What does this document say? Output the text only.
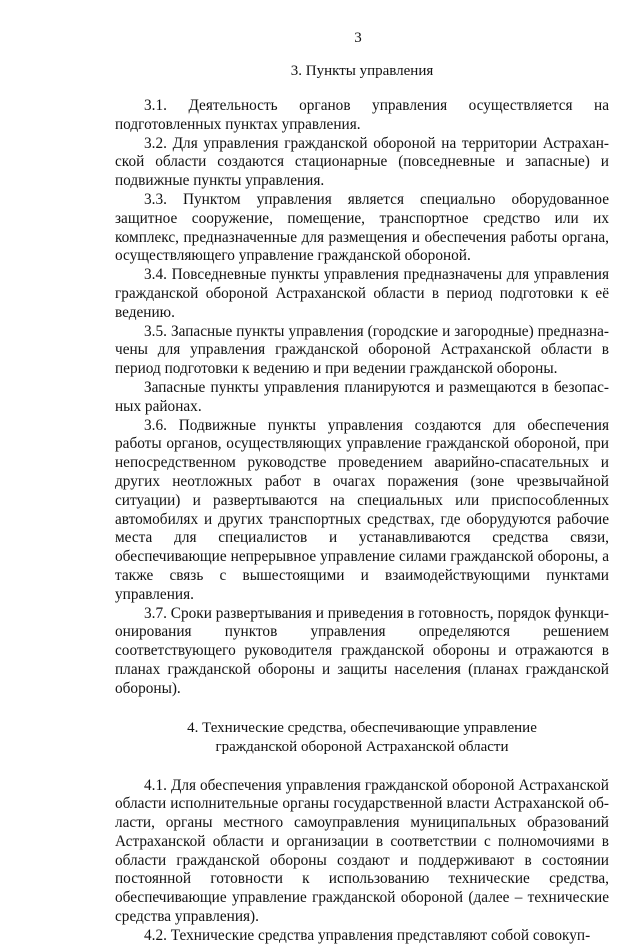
3
3. Пункты управления

3.1. Деятельность органов управления осуществляется на подготовленных пунктах управления.

3.2. Для управления гражданской обороной на территории Астраханской области создаются стационарные (повседневные и запасные) и подвижные пункты управления.

3.3. Пунктом управления является специально оборудованное защитное сооружение, помещение, транспортное средство или их комплекс, предназначенные для размещения и обеспечения работы органа, осуществляющего управление гражданской обороной.

3.4. Повседневные пункты управления предназначены для управления гражданской обороной Астраханской области в период подготовки к её ведению.

3.5. Запасные пункты управления (городские и загородные) предназначены для управления гражданской обороной Астраханской области в период подготовки к ведению и при ведении гражданской обороны.

Запасные пункты управления планируются и размещаются в безопасных районах.

3.6. Подвижные пункты управления создаются для обеспечения работы органов, осуществляющих управление гражданской обороной, при непосредственном руководстве проведением аварийно-спасательных и других неотложных работ в очагах поражения (зоне чрезвычайной ситуации) и развертываются на специальных или приспособленных автомобилях и других транспортных средствах, где оборудуются рабочие места для специалистов и устанавливаются средства связи, обеспечивающие непрерывное управление силами гражданской обороны, а также связь с вышестоящими и взаимодействующими пунктами управления.

3.7. Сроки развертывания и приведения в готовность, порядок функционирования пунктов управления определяются решением соответствующего руководителя гражданской обороны и отражаются в планах гражданской обороны и защиты населения (планах гражданской обороны).

4. Технические средства, обеспечивающие управление
гражданской обороной Астраханской области

4.1. Для обеспечения управления гражданской обороной Астраханской области исполнительные органы государственной власти Астраханской области, органы местного самоуправления муниципальных образований Астраханской области и организации в соответствии с полномочиями в области гражданской обороны создают и поддерживают в состоянии постоянной готовности к использованию технические средства, обеспечивающие управление гражданской обороной (далее – технические средства управления).

4.2. Технические средства управления представляют собой совокуп-
